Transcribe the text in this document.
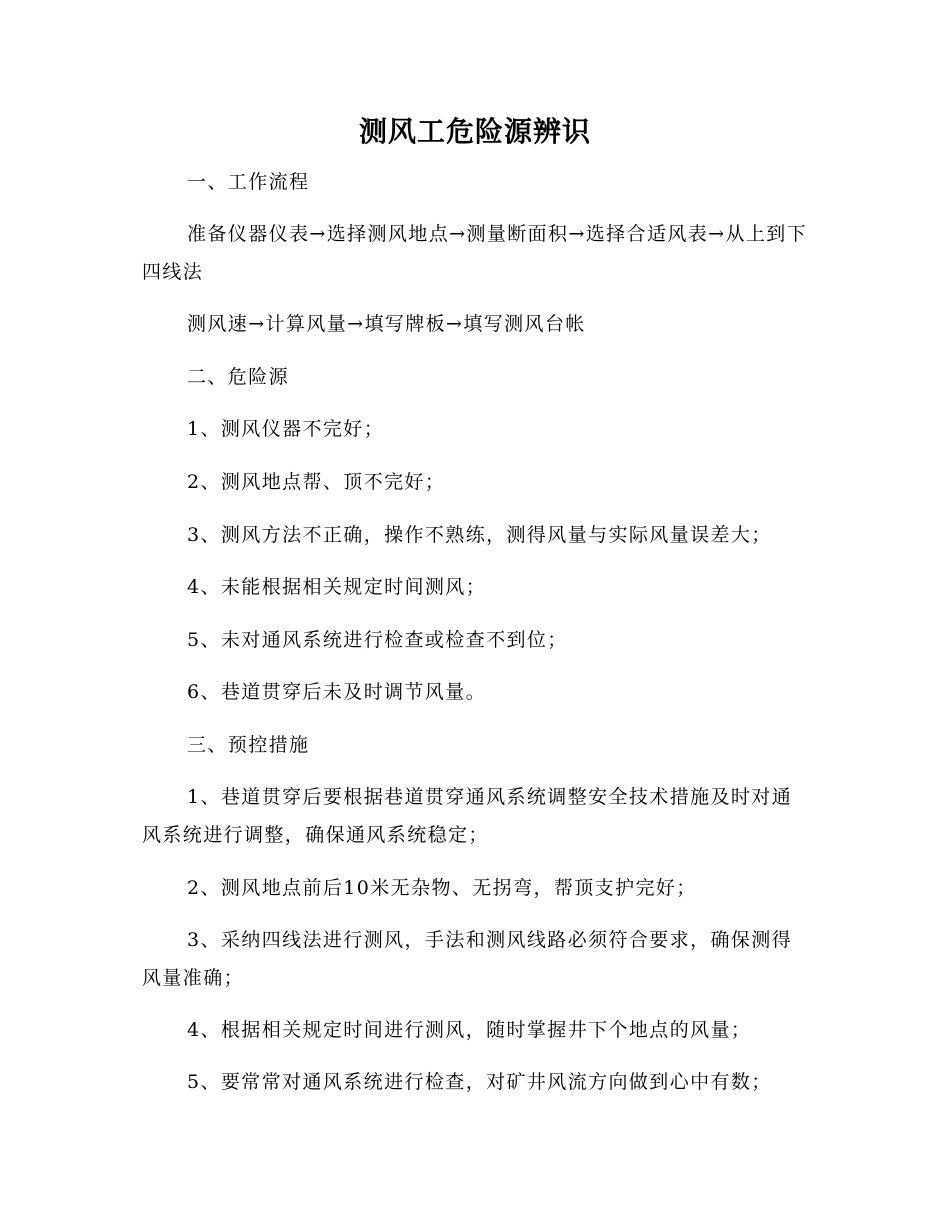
测风工危险源辨识

一、工作流程

准备仪器仪表→选择测风地点→测量断面积→选择合适风表→从上到下四线法

测风速→计算风量→填写牌板→填写测风台帐

二、危险源

1、测风仪器不完好；

2、测风地点帮、顶不完好；

3、测风方法不正确，操作不熟练，测得风量与实际风量误差大；

4、未能根据相关规定时间测风；

5、未对通风系统进行检查或检查不到位；

6、巷道贯穿后未及时调节风量。

三、预控措施

1、巷道贯穿后要根据巷道贯穿通风系统调整安全技术措施及时对通风系统进行调整，确保通风系统稳定；

2、测风地点前后10米无杂物、无拐弯，帮顶支护完好；

3、采纳四线法进行测风，手法和测风线路必须符合要求，确保测得风量准确；

4、根据相关规定时间进行测风，随时掌握井下个地点的风量；

5、要常常对通风系统进行检查，对矿井风流方向做到心中有数；
